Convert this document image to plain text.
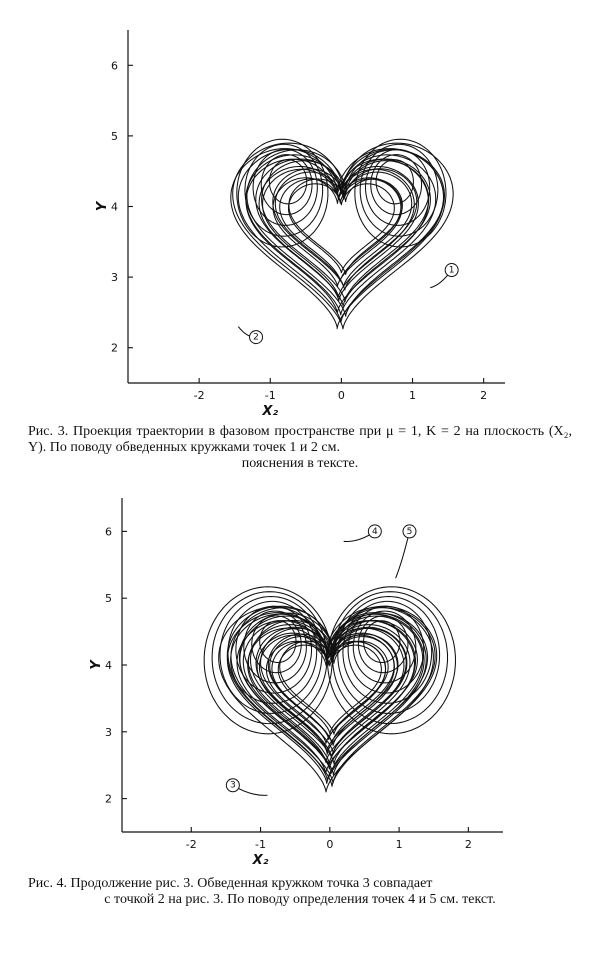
-2	-1	0	1	2
2
3
4
5
6
X₂
Y
1
2
Рис. 3. Проекция траектории в фазовом пространстве при μ = 1, K = 2 на плоскость (X₂, Y). По поводу обведенных кружками точек 1 и 2 см.
пояснения в тексте.
-2	-1	0	1	2
2
3
4
5
6
X₂
Y
3
4	5
Рис. 4. Продолжение рис. 3. Обведенная кружком точка 3 совпадает
с точкой 2 на рис. 3. По поводу определения точек 4 и 5 см. текст.
